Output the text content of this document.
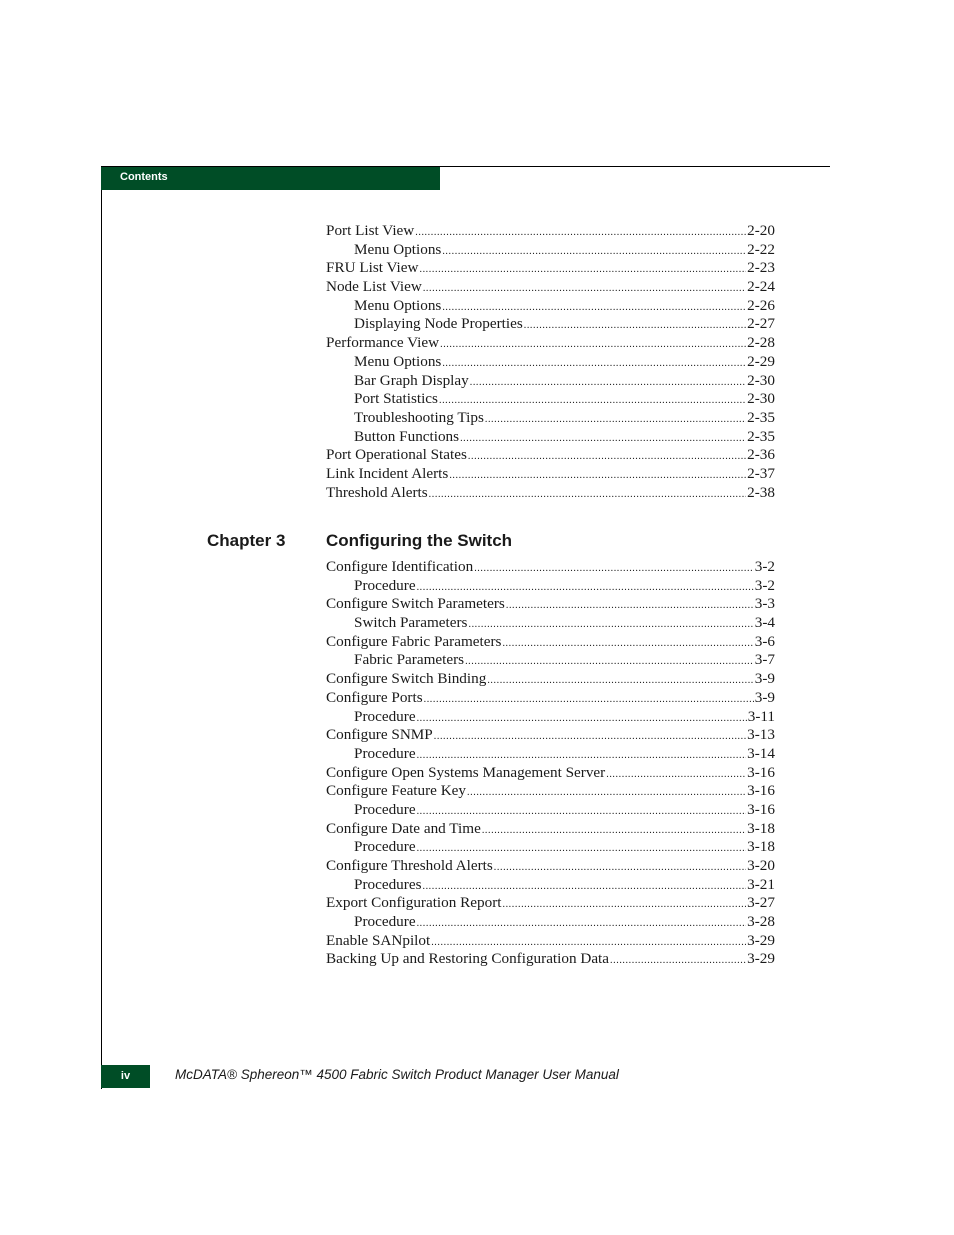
Contents
Port List View .....	2-20
Menu Options .....	2-22
FRU List View .....	2-23
Node List View .....	2-24
Menu Options .....	2-26
Displaying Node Properties .....	2-27
Performance View .....	2-28
Menu Options .....	2-29
Bar Graph Display .....	2-30
Port Statistics .....	2-30
Troubleshooting Tips .....	2-35
Button Functions .....	2-35
Port Operational States .....	2-36
Link Incident Alerts .....	2-37
Threshold Alerts .....	2-38
Chapter 3 Configuring the Switch
Configure Identification .....	3-2
Procedure .....	3-2
Configure Switch Parameters .....	3-3
Switch Parameters .....	3-4
Configure Fabric Parameters .....	3-6
Fabric Parameters .....	3-7
Configure Switch Binding .....	3-9
Configure Ports .....	3-9
Procedure .....	3-11
Configure SNMP .....	3-13
Procedure .....	3-14
Configure Open Systems Management Server .....	3-16
Configure Feature Key .....	3-16
Procedure .....	3-16
Configure Date and Time .....	3-18
Procedure .....	3-18
Configure Threshold Alerts .....	3-20
Procedures .....	3-21
Export Configuration Report .....	3-27
Procedure .....	3-28
Enable SANpilot .....	3-29
Backing Up and Restoring Configuration Data .....	3-29
iv	McDATA® Sphereon™ 4500 Fabric Switch Product Manager User Manual
